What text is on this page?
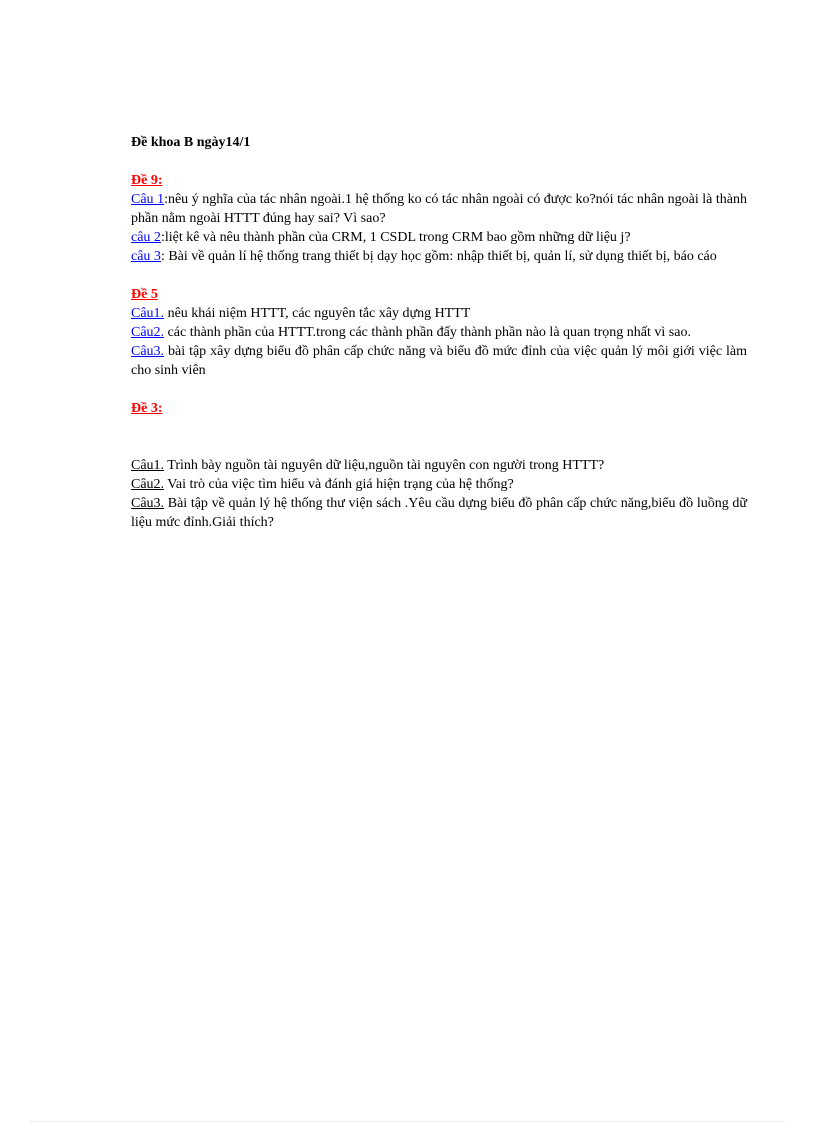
Đề khoa B ngày14/1

Đề 9:

Câu 1:nêu ý nghĩa của tác nhân ngoài.1 hệ thống ko có tác nhân ngoài có được ko?nói tác nhân ngoài là thành phần nằm ngoài HTTT đúng hay sai? Vì sao?

câu 2:liệt kê và nêu thành phần của CRM, 1 CSDL trong CRM bao gồm những dữ liệu j?

câu 3: Bài về quản lí hệ thống trang thiết bị dạy học gồm: nhập thiết bị, quản lí, sử dụng thiết bị, báo cáo

Đề 5

Câu1. nêu khái niệm HTTT, các nguyên tắc xây dựng HTTT

Câu2. các thành phần của HTTT.trong các thành phần đấy thành phần nào là quan trọng nhất vì sao.

Câu3. bài tập xây dựng biểu đồ phân cấp chức năng và biểu đồ mức đỉnh của việc quản lý môi giới việc làm cho sinh viên

Đề 3:

Câu1. Trình bày nguồn tài nguyên dữ liệu,nguồn tài nguyên con người trong HTTT?

Câu2. Vai trò của việc tìm hiểu và đánh giá hiện trạng của hệ thống?

Câu3. Bài tập về quản lý hệ thống thư viện sách .Yêu cầu dựng biểu đồ phân cấp chức năng,biểu đồ luồng dữ liệu mức đỉnh.Giải thích?
